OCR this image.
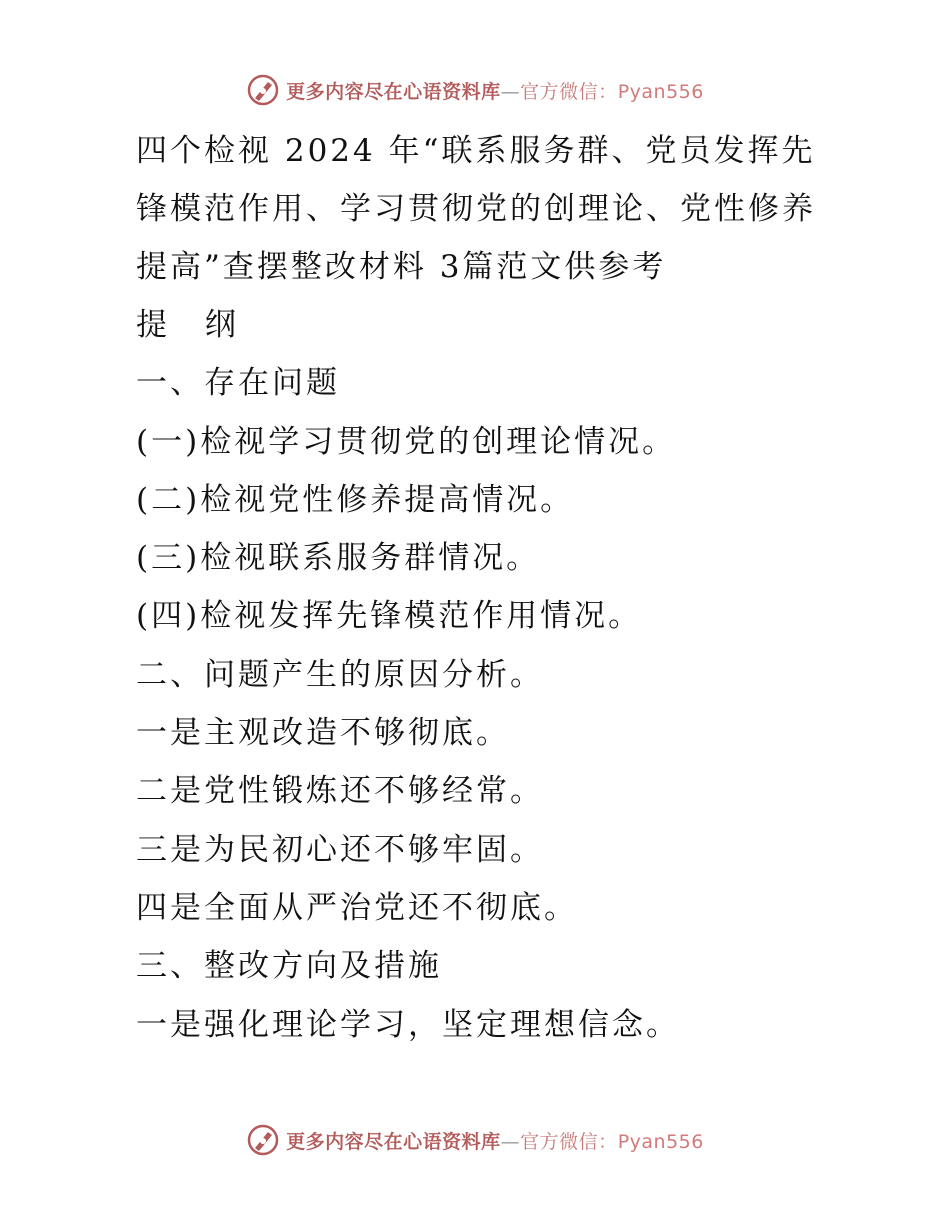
更多内容尽在心语资料库—官方微信：Pyan556
四个检视 2024 年“联系服务群、党员发挥先锋模范作用、学习贯彻党的创理论、党性修养提高”查摆整改材料 3篇范文供参考

提 纲

一、存在问题

(一)检视学习贯彻党的创理论情况。

(二)检视党性修养提高情况。

(三)检视联系服务群情况。

(四)检视发挥先锋模范作用情况。

二、问题产生的原因分析。

一是主观改造不够彻底。

二是党性锻炼还不够经常。

三是为民初心还不够牢固。

四是全面从严治党还不彻底。

三、整改方向及措施

一是强化理论学习，坚定理想信念。

更多内容尽在心语资料库—官方微信：Pyan556
